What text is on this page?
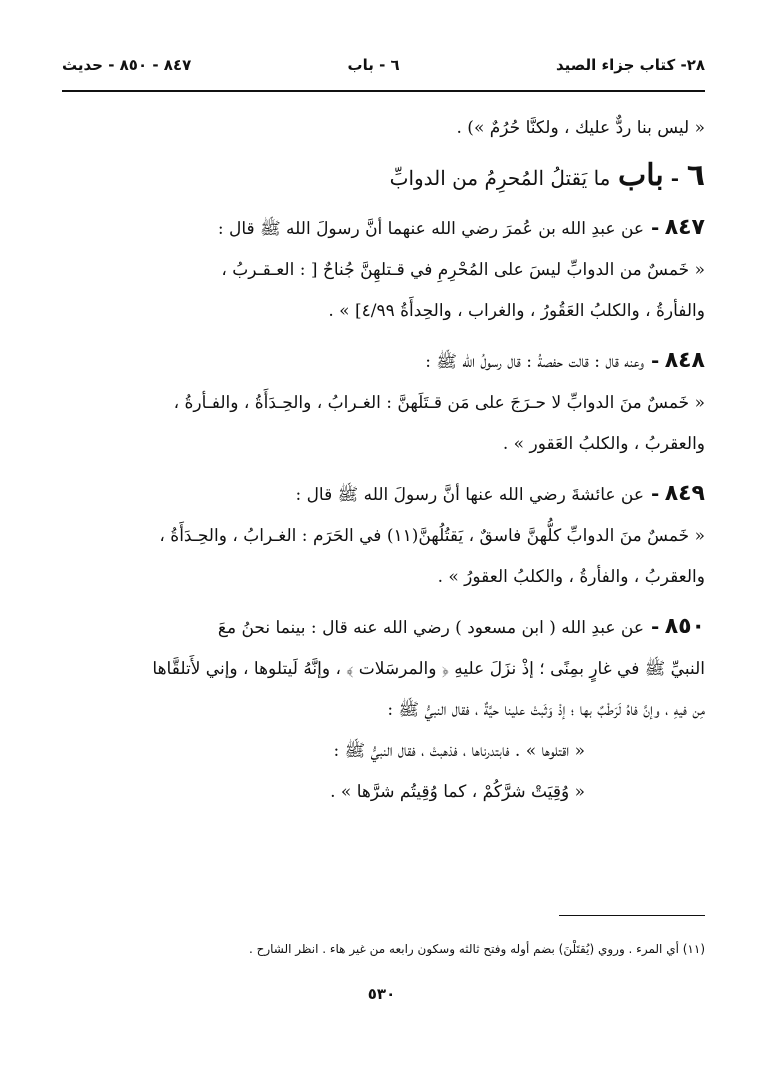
٢٨- كتاب جزاء الصيد
٦ - باب
٨٤٧ - ٨٥٠ - حديث

« ليس بنا ردٌّ عليك ، ولكنَّا حُرُمٌ ») .

٦ - باب ما يَقتلُ المُحرِمُ من الدوابِّ

٨٤٧ - عن عبدِ الله بن عُمرَ رضي الله عنهما أنَّ رسولَ الله ﷺ قال :

« خَمسٌ من الدوابِّ ليسَ على المُحْرِمِ في قـتلهِنَّ جُناحٌ [ : العـقـربُ ،

والفأرةُ ، والكلبُ العَقُورُ ، والغراب ، والحِدأَةُ ٤/٩٩] » .

٨٤٨ - وعنه قال : قالت حفصةُ : قال رسولُ الله ﷺ :

« خَمسٌ منَ الدوابِّ لا حـرَجَ على مَن قـتَلَهنَّ : الغـرابُ ، والحِـدَأَةُ ، والفـأرةُ ،

والعقربُ ، والكلبُ العَقور » .

٨٤٩ - عن عائشةَ رضي الله عنها أنَّ رسولَ الله ﷺ قال :

« خَمسٌ منَ الدوابِّ كلُّهنَّ فاسقٌ ، يَقتُلُهنَّ(١١) في الحَرَم : الغـرابُ ، والحِـدَأَةُ ،

والعقربُ ، والفأرةُ ، والكلبُ العقورُ » .

٨٥٠ - عن عبدِ الله ( ابن مسعود ) رضي الله عنه قال : بينما نحنُ معَ

النبيِّ ﷺ في غارٍ بمِنًى ؛ إذْ نزَلَ عليهِ ﴿ والمرسَلات ﴾ ، وإنَّهُ لَيتلوها ، وإني لأَتلقَّاها

مِن فيهِ ، وإنَّ فاهُ لَرَطْبٌ بها ؛ إذْ وَثَبتْ علينا حيَّةٌ ، فقال النبيُّ ﷺ :

« اقتلوها » . فابتدرناها ، فذهبتْ ، فقال النبيُّ ﷺ :

« وُقِيَتْ شرَّكُمْ ، كما وُقِيتُم شرَّها » .

(١١) أي المرء . وروي (يُقتَلْنَ) بضم أوله وفتح ثالثه وسكون رابعه من غير هاء . انظر الشارح .
٥٣٠
